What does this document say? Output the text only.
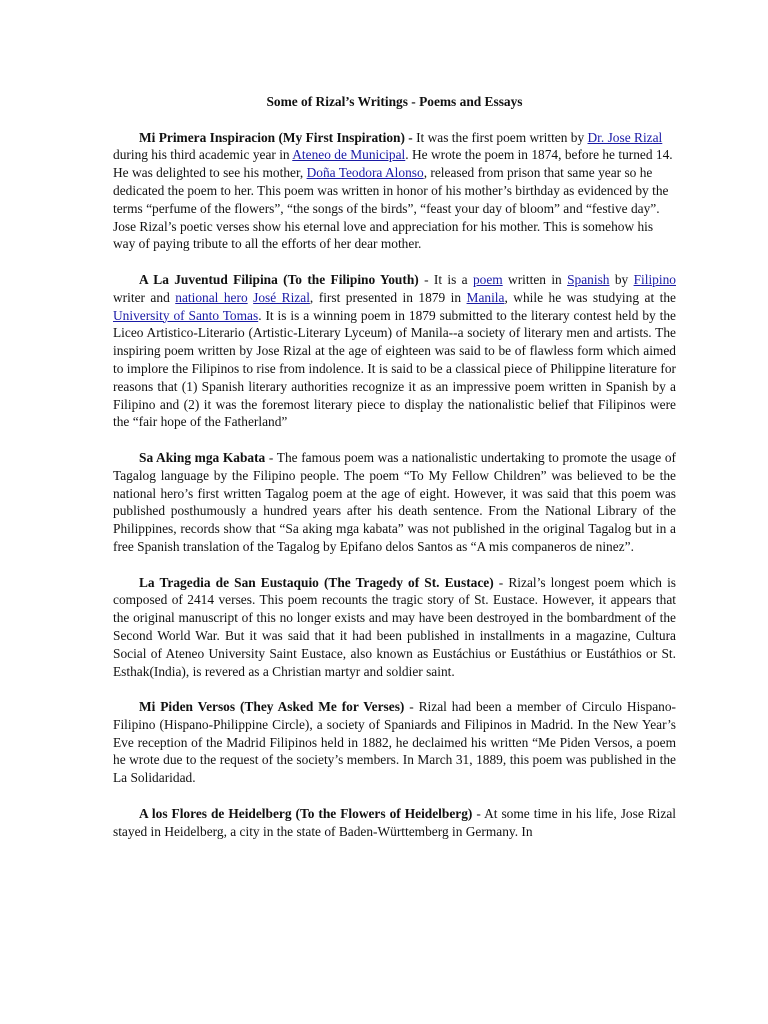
Some of Rizal’s Writings - Poems and Essays

Mi Primera Inspiracion (My First Inspiration) - It was the first poem written by Dr. Jose Rizal during his third academic year in Ateneo de Municipal. He wrote the poem in 1874, before he turned 14. He was delighted to see his mother, Doña Teodora Alonso, released from prison that same year so he dedicated the poem to her. This poem was written in honor of his mother’s birthday as evidenced by the terms “perfume of the flowers”, “the songs of the birds”, “feast your day of bloom” and “festive day”. Jose Rizal’s poetic verses show his eternal love and appreciation for his mother. This is somehow his way of paying tribute to all the efforts of her dear mother.

A La Juventud Filipina (To the Filipino Youth) - It is a poem written in Spanish by Filipino writer and national hero José Rizal, first presented in 1879 in Manila, while he was studying at the University of Santo Tomas. It is is a winning poem in 1879 submitted to the literary contest held by the Liceo Artistico-Literario (Artistic-Literary Lyceum) of Manila--a society of literary men and artists. The inspiring poem written by Jose Rizal at the age of eighteen was said to be of flawless form which aimed to implore the Filipinos to rise from indolence. It is said to be a classical piece of Philippine literature for reasons that (1) Spanish literary authorities recognize it as an impressive poem written in Spanish by a Filipino and (2) it was the foremost literary piece to display the nationalistic belief that Filipinos were the “fair hope of the Fatherland”

Sa Aking mga Kabata - The famous poem was a nationalistic undertaking to promote the usage of Tagalog language by the Filipino people. The poem “To My Fellow Children” was believed to be the national hero’s first written Tagalog poem at the age of eight. However, it was said that this poem was published posthumously a hundred years after his death sentence. From the National Library of the Philippines, records show that “Sa aking mga kabata” was not published in the original Tagalog but in a free Spanish translation of the Tagalog by Epifano delos Santos as “A mis companeros de ninez”.

La Tragedia de San Eustaquio (The Tragedy of St. Eustace) - Rizal’s longest poem which is composed of 2414 verses. This poem recounts the tragic story of St. Eustace. However, it appears that the original manuscript of this no longer exists and may have been destroyed in the bombardment of the Second World War. But it was said that it had been published in installments in a magazine, Cultura Social of Ateneo University Saint Eustace, also known as Eustáchius or Eustáthius or Eustáthios or St. Esthak(India), is revered as a Christian martyr and soldier saint.

Mi Piden Versos (They Asked Me for Verses) - Rizal had been a member of Circulo Hispano-Filipino (Hispano-Philippine Circle), a society of Spaniards and Filipinos in Madrid. In the New Year’s Eve reception of the Madrid Filipinos held in 1882, he declaimed his written “Me Piden Versos, a poem he wrote due to the request of the society’s members. In March 31, 1889, this poem was published in the La Solidaridad.

A los Flores de Heidelberg (To the Flowers of Heidelberg) - At some time in his life, Jose Rizal stayed in Heidelberg, a city in the state of Baden-Württemberg in Germany. In
